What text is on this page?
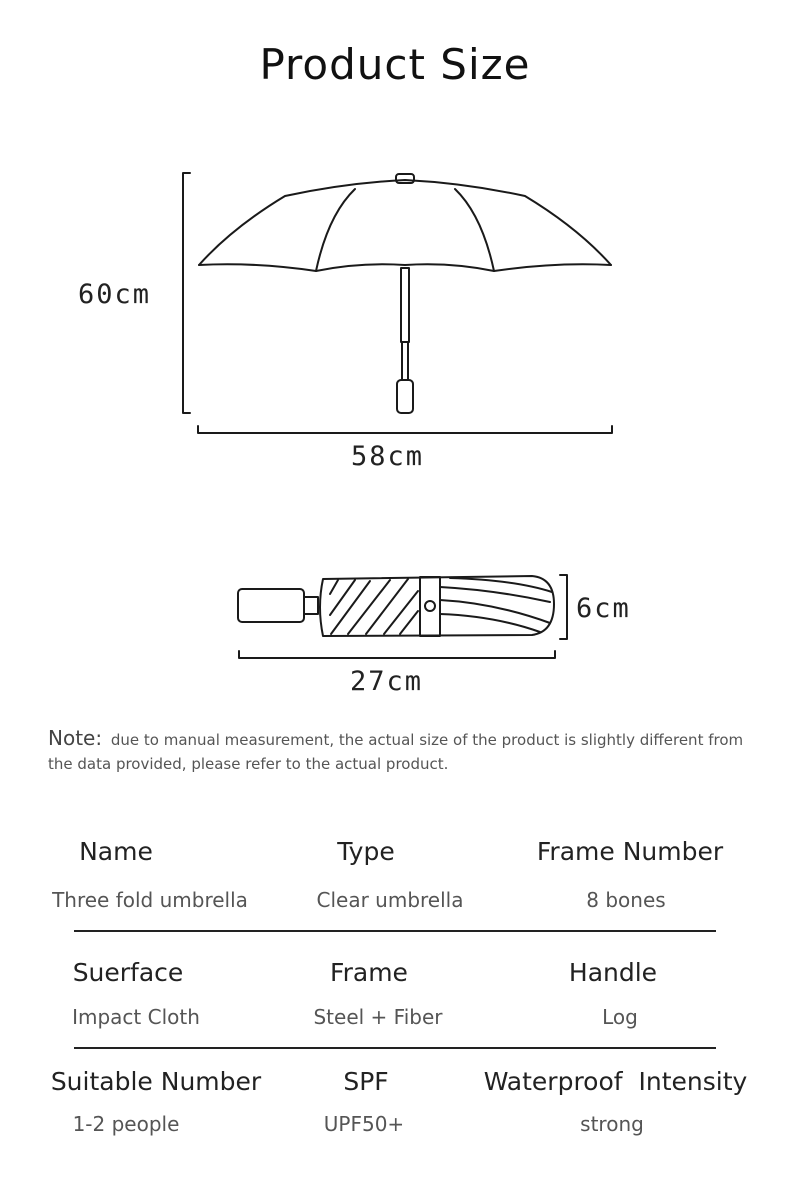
Product Size
60cm
58cm
6cm
27cm
Note: due to manual measurement, the actual size of the product is slightly different from the data provided, please refer to the actual product.
Name	Type	Frame Number
Three fold umbrella	Clear umbrella	8 bones
Suerface	Frame	Handle
Impact Cloth	Steel + Fiber	Log
Suitable Number	SPF	Waterproof  Intensity
1-2 people	UPF50+	strong
